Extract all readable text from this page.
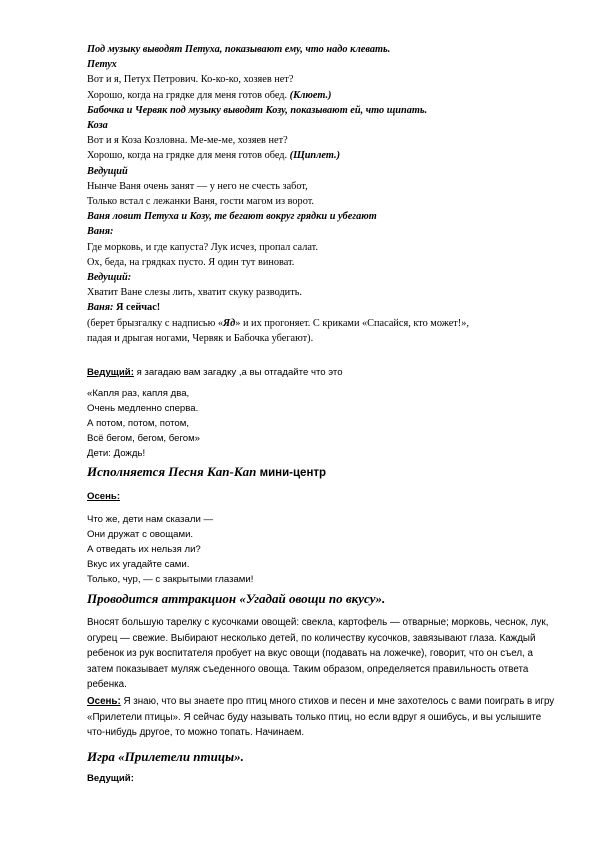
Под музыку выводят Петуха, показывают ему, что надо клевать.
Петух
Вот и я, Петух Петрович. Ко-ко-ко, хозяев нет?
Хорошо, когда на грядке для меня готов обед. (Клюет.)
Бабочка и Червяк под музыку выводят Козу, показывают ей, что щипать.
Коза
Вот и я Коза Козловна. Ме-ме-ме, хозяев нет?
Хорошо, когда на грядке для меня готов обед. (Щиплет.)
Ведущий
Нынче Ваня очень занят — у него не счесть забот,
Только встал с лежанки Ваня, гости магом из ворот.
Ваня ловит Петуха и Козу, те бегают вокруг грядки и убегают
Ваня:
Где морковь, и где капуста? Лук исчез, пропал салат.
Ох, беда, на грядках пусто. Я один тут виноват.
Ведущий:
Хватит Ване слезы лить, хватит скуку разводить.
Ваня: Я сейчас!
(берет брызгалку с надписью «Яд» и их прогоняет. С криками «Спасайся, кто может!»,
падая и дрыгая ногами, Червяк и Бабочка убегают).
Ведущий: я загадаю вам загадку ,а вы отгадайте что это
«Капля раз, капля два,
Очень медленно сперва.
А потом, потом, потом,
Всё бегом, бегом, бегом»
Дети: Дождь!
Исполняется Песня Кап-Кап мини-центр
Осень:
Что же, дети нам сказали —
Они дружат с овощами.
А отведать их нельзя ли?
Вкус их угадайте сами.
Только, чур, — с закрытыми глазами!
Проводится аттракцион «Угадай овощи по вкусу».
Вносят большую тарелку с кусочками овощей: свекла, картофель — отварные; морковь, чеснок, лук, огурец — свежие. Выбирают несколько детей, по количеству кусочков, завязывают глаза. Каждый ребенок из рук воспитателя пробует на вкус овощи (подавать на ложечке), говорит, что он съел, а затем показывает муляж съеденного овоща. Таким образом, определяется правильность ответа ребенка.
Осень: Я знаю, что вы знаете про птиц много стихов и песен и мне захотелось с вами поиграть в игру «Прилетели птицы». Я сейчас буду называть только птиц, но если вдруг я ошибусь, и вы услышите что-нибудь другое, то можно топать. Начинаем.
Игра «Прилетели птицы».
Ведущий:
